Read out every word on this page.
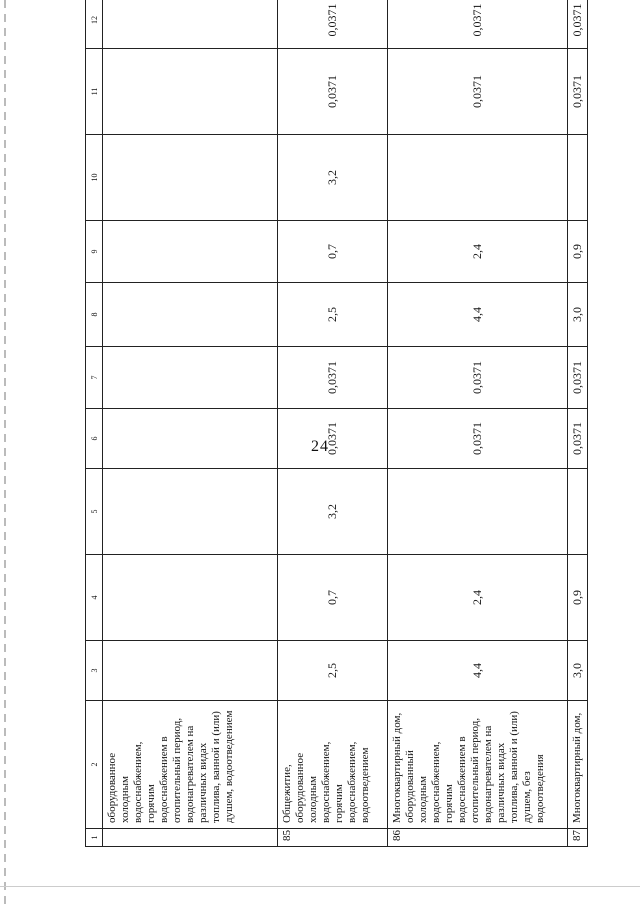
24
1	2	3	4	5	6	7	8	9	10	11	12
	оборудованное холодным водоснабжением, горячим водоснабжением в отопительный период, водонагревателем на различных видах топлива, ванной и (или) душем, водоотведением										
85	Общежитие, оборудованное холодным водоснабжением, горячим водоснабжением, водоотведением	2,5	0,7	3,2	0,0371	0,0371	2,5	0,7	3,2	0,0371	0,0371
86	Многоквартирный дом, оборудованный холодным водоснабжением, горячим водоснабжением в отопительный период, водонагревателем на различных видах топлива, ванной и (или) душем, без водоотведения	4,4	2,4		0,0371	0,0371	4,4	2,4		0,0371	0,0371
87	Многоквартирный дом,	3,0	0,9		0,0371	0,0371	3,0	0,9		0,0371	0,0371
